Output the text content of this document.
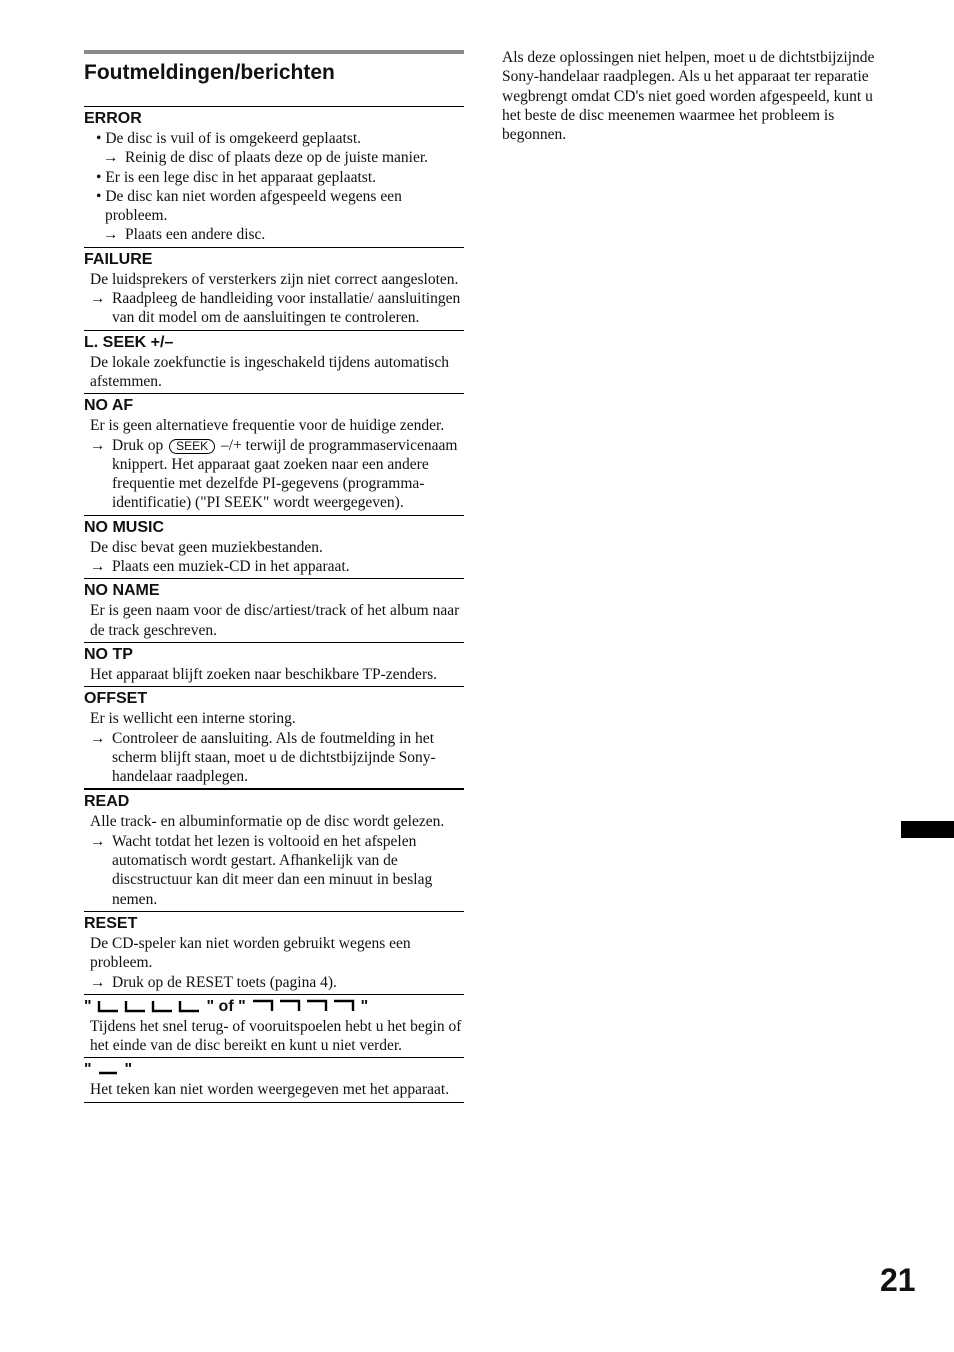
Foutmeldingen/berichten
ERROR
• De disc is vuil of is omgekeerd geplaatst.
→ Reinig de disc of plaats deze op de juiste manier.
• Er is een lege disc in het apparaat geplaatst.
• De disc kan niet worden afgespeeld wegens een probleem.
→ Plaats een andere disc.
FAILURE
De luidsprekers of versterkers zijn niet correct aangesloten.
→ Raadpleeg de handleiding voor installatie/ aansluitingen van dit model om de aansluitingen te controleren.
L. SEEK +/–
De lokale zoekfunctie is ingeschakeld tijdens automatisch afstemmen.
NO AF
Er is geen alternatieve frequentie voor de huidige zender.
→ Druk op SEEK –/+ terwijl de programmaservicenaam knippert. Het apparaat gaat zoeken naar een andere frequentie met dezelfde PI-gegevens (programma-identificatie) ("PI SEEK" wordt weergegeven).
NO MUSIC
De disc bevat geen muziekbestanden.
→ Plaats een muziek-CD in het apparaat.
NO NAME
Er is geen naam voor de disc/artiest/track of het album naar de track geschreven.
NO TP
Het apparaat blijft zoeken naar beschikbare TP-zenders.
OFFSET
Er is wellicht een interne storing.
→ Controleer de aansluiting. Als de foutmelding in het scherm blijft staan, moet u de dichtstbijzijnde Sony-handelaar raadplegen.
READ
Alle track- en albuminformatie op de disc wordt gelezen.
→ Wacht totdat het lezen is voltooid en het afspelen automatisch wordt gestart. Afhankelijk van de discstructuur kan dit meer dan een minuut in beslag nemen.
RESET
De CD-speler kan niet worden gebruikt wegens een probleem.
→ Druk op de RESET toets (pagina 4).
"	" of "	"
Tijdens het snel terug- of vooruitspoelen hebt u het begin of het einde van de disc bereikt en kunt u niet verder.
" "
Het teken kan niet worden weergegeven met het apparaat.
Als deze oplossingen niet helpen, moet u de dichtstbijzijnde Sony-handelaar raadplegen. Als u het apparaat ter reparatie wegbrengt omdat CD's niet goed worden afgespeeld, kunt u het beste de disc meenemen waarmee het probleem is begonnen.
21
